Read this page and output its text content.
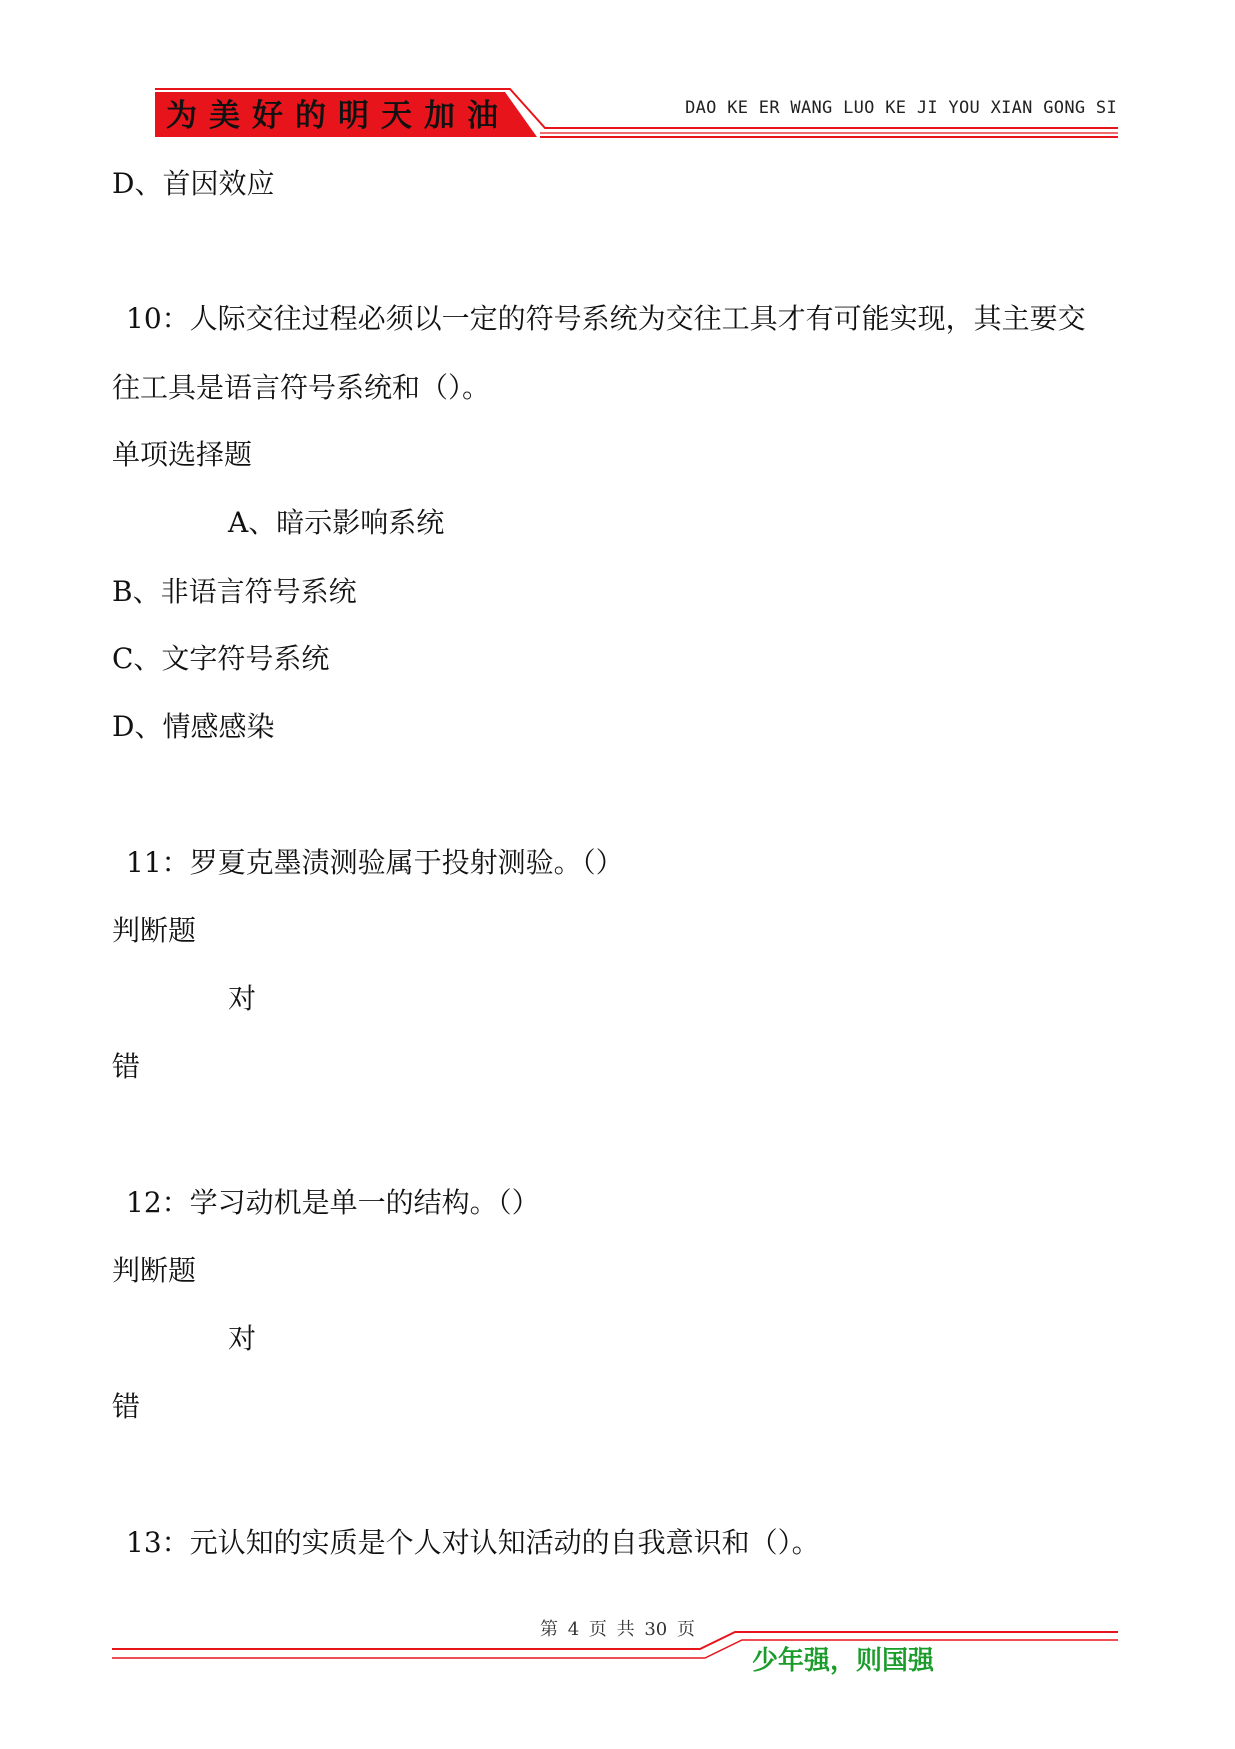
为美好的明天加油	DAO KE ER WANG LUO KE JI YOU XIAN GONG SI
D、首因效应
10：人际交往过程必须以一定的符号系统为交往工具才有可能实现，其主要交
往工具是语言符号系统和（）。
单项选择题
A、暗示影响系统
B、非语言符号系统
C、文字符号系统
D、情感感染
11：罗夏克墨渍测验属于投射测验。（）
判断题
对
错
12：学习动机是单一的结构。（）
判断题
对
错
13：元认知的实质是个人对认知活动的自我意识和（）。
第 4 页 共 30 页
少年强，则国强
